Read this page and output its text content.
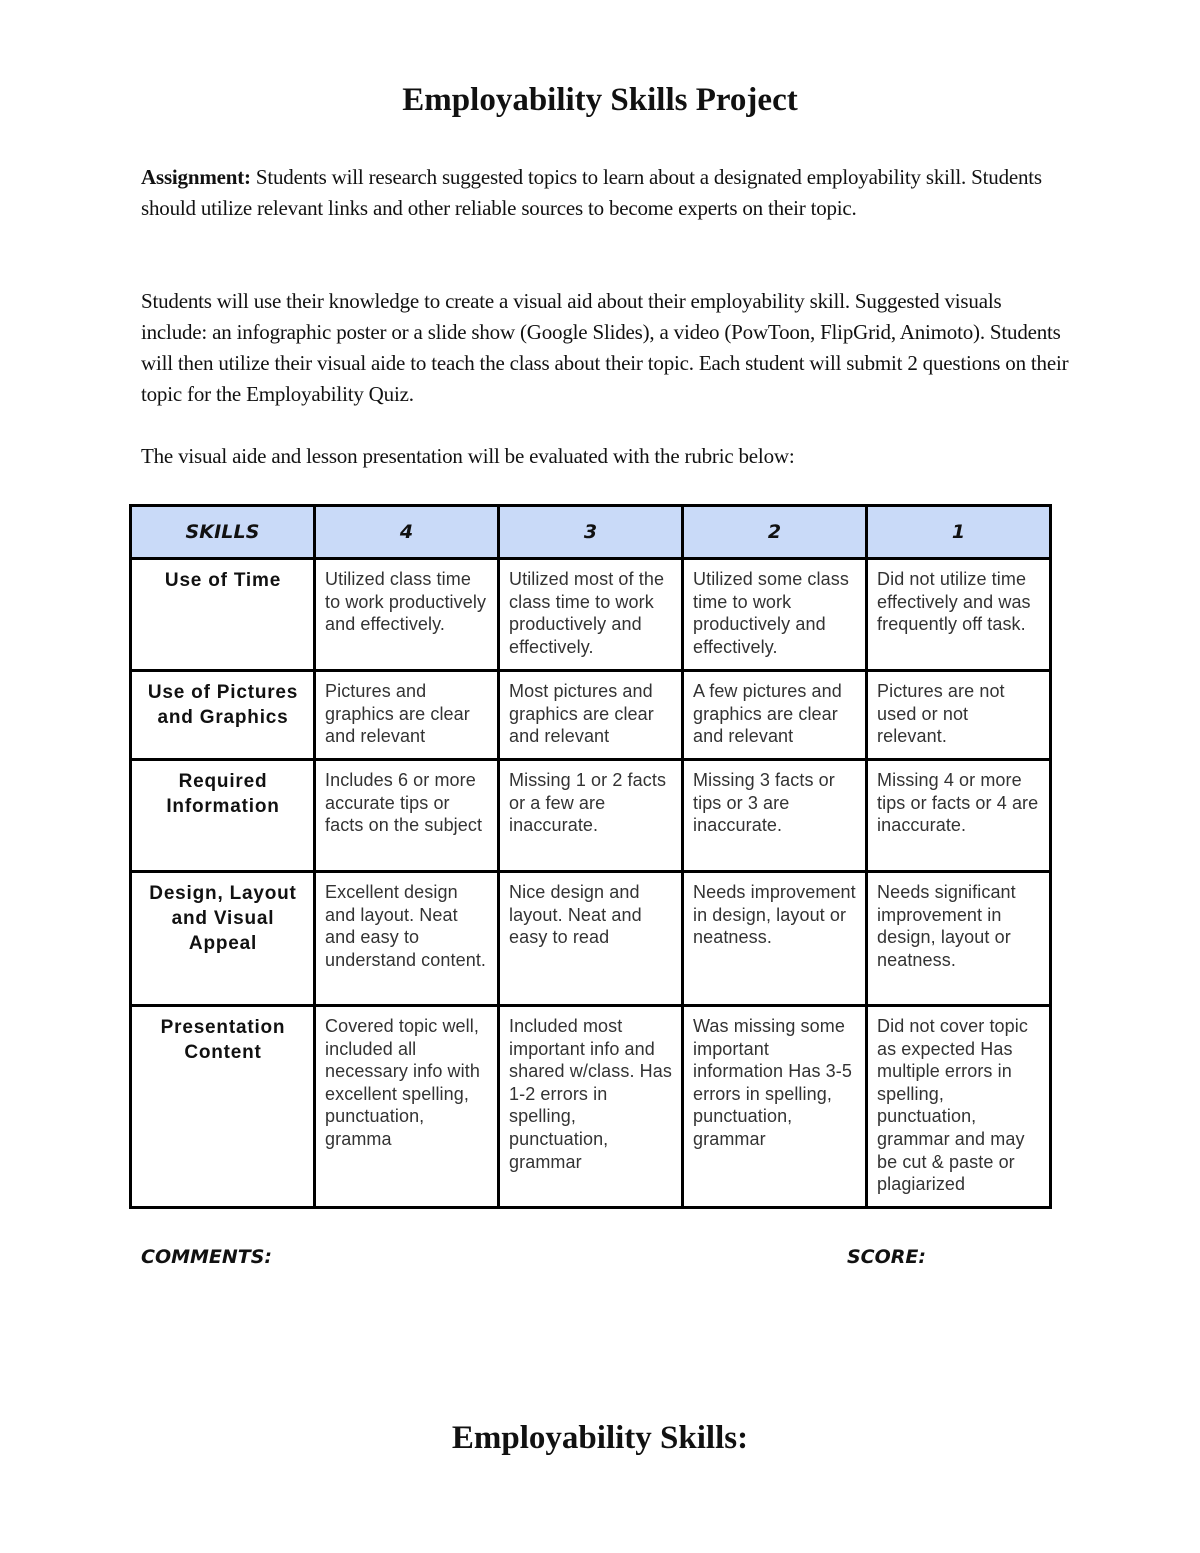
Employability Skills Project
Assignment: Students will research suggested topics to learn about a designated employability skill. Students should utilize relevant links and other reliable sources to become experts on their topic.
Students will use their knowledge to create a visual aid about their employability skill. Suggested visuals include: an infographic poster or a slide show (Google Slides), a video (PowToon, FlipGrid, Animoto). Students will then utilize their visual aide to teach the class about their topic. Each student will submit 2 questions on their topic for the Employability Quiz.
The visual aide and lesson presentation will be evaluated with the rubric below:
SKILLS	4	3	2	1
Use of Time	Utilized class time to work productively and effectively.	Utilized most of the class time to work productively and effectively.	Utilized some class time to work productively and effectively.	Did not utilize time effectively and was frequently off task.
Use of Pictures and Graphics	Pictures and graphics are clear and relevant	Most pictures and graphics are clear and relevant	A few pictures and graphics are clear and relevant	Pictures are not used or not relevant.
Required Information	Includes 6 or more accurate tips or facts on the subject	Missing 1 or 2 facts or a few are inaccurate.	Missing 3 facts or tips or 3 are inaccurate.	Missing 4 or more tips or facts or 4 are inaccurate.
Design, Layout and Visual Appeal	Excellent design and layout. Neat and easy to understand content.	Nice design and layout. Neat and easy to read	Needs improvement in design, layout or neatness.	Needs significant improvement in design, layout or neatness.
Presentation Content	Covered topic well, included all necessary info with excellent spelling, punctuation, gramma	Included most important info and shared w/class. Has 1-2 errors in spelling, punctuation, grammar	Was missing some important information Has 3-5 errors in spelling, punctuation, grammar	Did not cover topic as expected Has multiple errors in spelling, punctuation, grammar and may be cut & paste or plagiarized
COMMENTS:	SCORE:
Employability Skills:
